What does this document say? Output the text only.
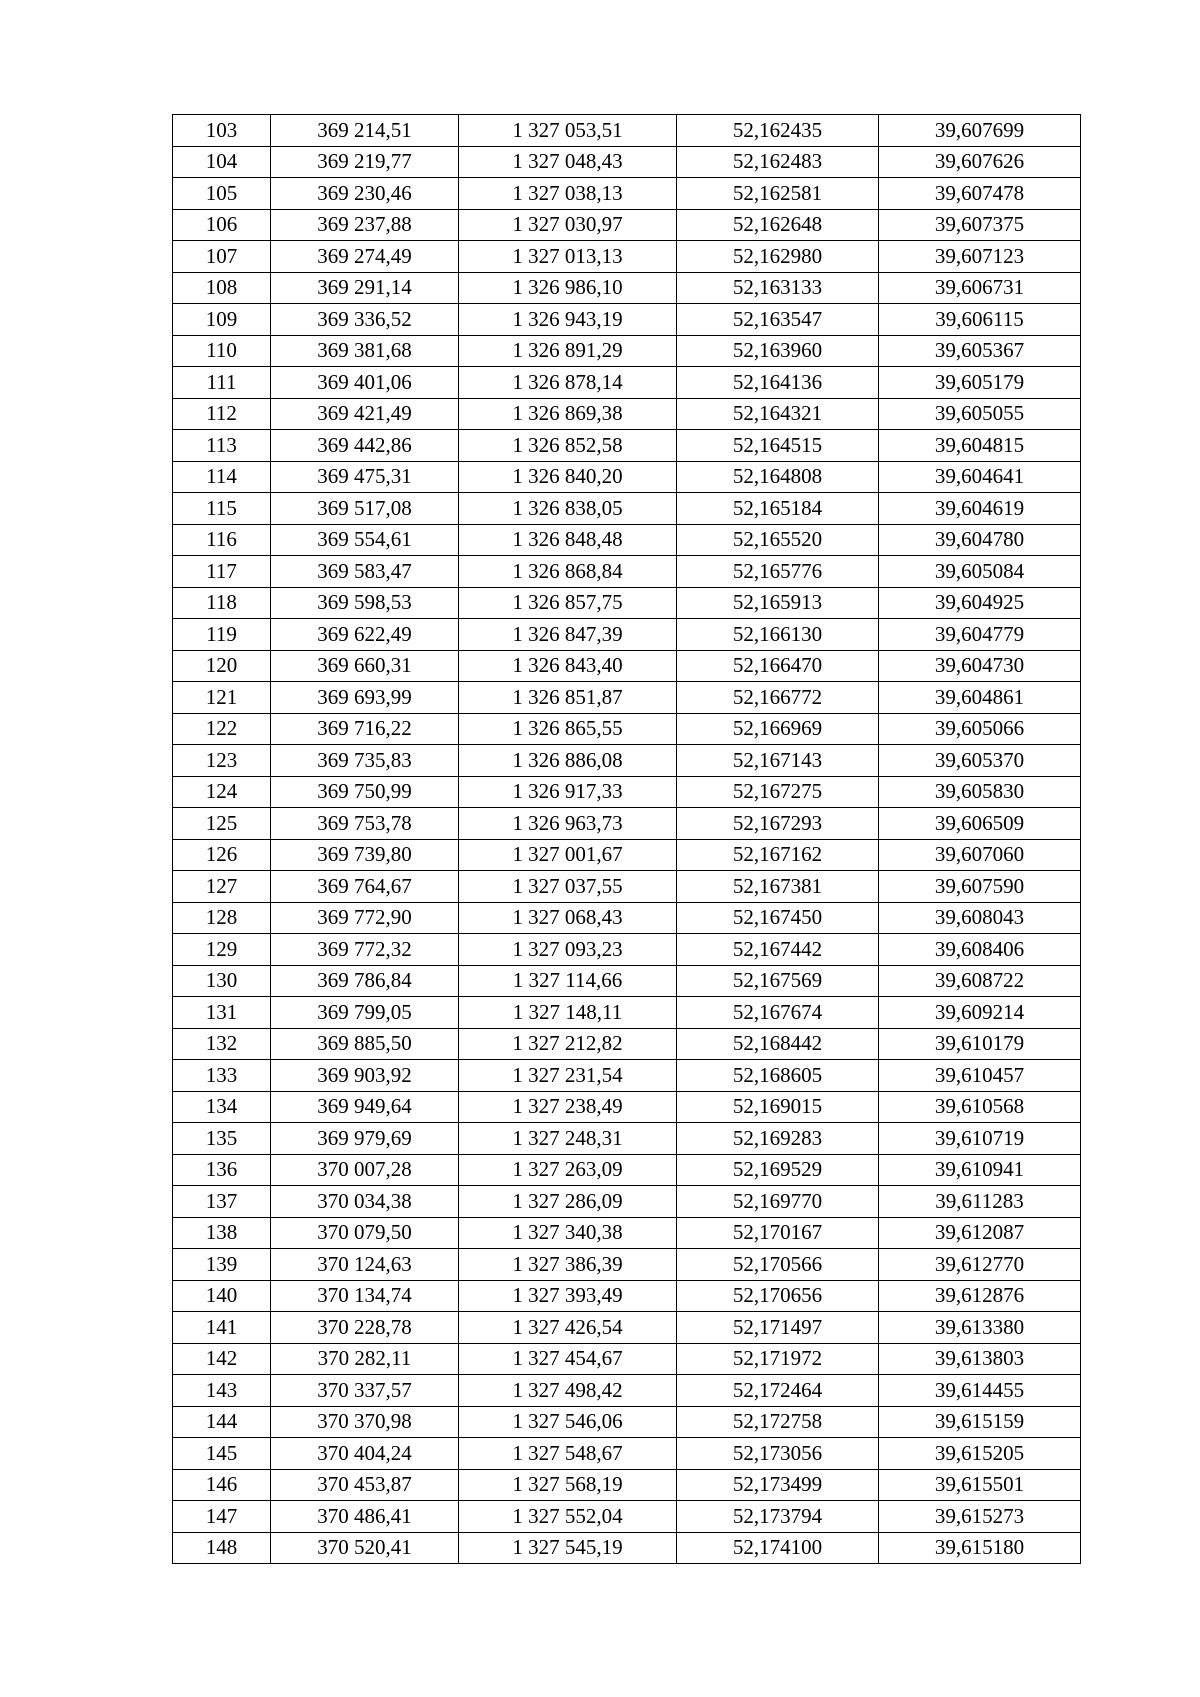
103	369 214,51	1 327 053,51	52,162435	39,607699
104	369 219,77	1 327 048,43	52,162483	39,607626
105	369 230,46	1 327 038,13	52,162581	39,607478
106	369 237,88	1 327 030,97	52,162648	39,607375
107	369 274,49	1 327 013,13	52,162980	39,607123
108	369 291,14	1 326 986,10	52,163133	39,606731
109	369 336,52	1 326 943,19	52,163547	39,606115
110	369 381,68	1 326 891,29	52,163960	39,605367
111	369 401,06	1 326 878,14	52,164136	39,605179
112	369 421,49	1 326 869,38	52,164321	39,605055
113	369 442,86	1 326 852,58	52,164515	39,604815
114	369 475,31	1 326 840,20	52,164808	39,604641
115	369 517,08	1 326 838,05	52,165184	39,604619
116	369 554,61	1 326 848,48	52,165520	39,604780
117	369 583,47	1 326 868,84	52,165776	39,605084
118	369 598,53	1 326 857,75	52,165913	39,604925
119	369 622,49	1 326 847,39	52,166130	39,604779
120	369 660,31	1 326 843,40	52,166470	39,604730
121	369 693,99	1 326 851,87	52,166772	39,604861
122	369 716,22	1 326 865,55	52,166969	39,605066
123	369 735,83	1 326 886,08	52,167143	39,605370
124	369 750,99	1 326 917,33	52,167275	39,605830
125	369 753,78	1 326 963,73	52,167293	39,606509
126	369 739,80	1 327 001,67	52,167162	39,607060
127	369 764,67	1 327 037,55	52,167381	39,607590
128	369 772,90	1 327 068,43	52,167450	39,608043
129	369 772,32	1 327 093,23	52,167442	39,608406
130	369 786,84	1 327 114,66	52,167569	39,608722
131	369 799,05	1 327 148,11	52,167674	39,609214
132	369 885,50	1 327 212,82	52,168442	39,610179
133	369 903,92	1 327 231,54	52,168605	39,610457
134	369 949,64	1 327 238,49	52,169015	39,610568
135	369 979,69	1 327 248,31	52,169283	39,610719
136	370 007,28	1 327 263,09	52,169529	39,610941
137	370 034,38	1 327 286,09	52,169770	39,611283
138	370 079,50	1 327 340,38	52,170167	39,612087
139	370 124,63	1 327 386,39	52,170566	39,612770
140	370 134,74	1 327 393,49	52,170656	39,612876
141	370 228,78	1 327 426,54	52,171497	39,613380
142	370 282,11	1 327 454,67	52,171972	39,613803
143	370 337,57	1 327 498,42	52,172464	39,614455
144	370 370,98	1 327 546,06	52,172758	39,615159
145	370 404,24	1 327 548,67	52,173056	39,615205
146	370 453,87	1 327 568,19	52,173499	39,615501
147	370 486,41	1 327 552,04	52,173794	39,615273
148	370 520,41	1 327 545,19	52,174100	39,615180
